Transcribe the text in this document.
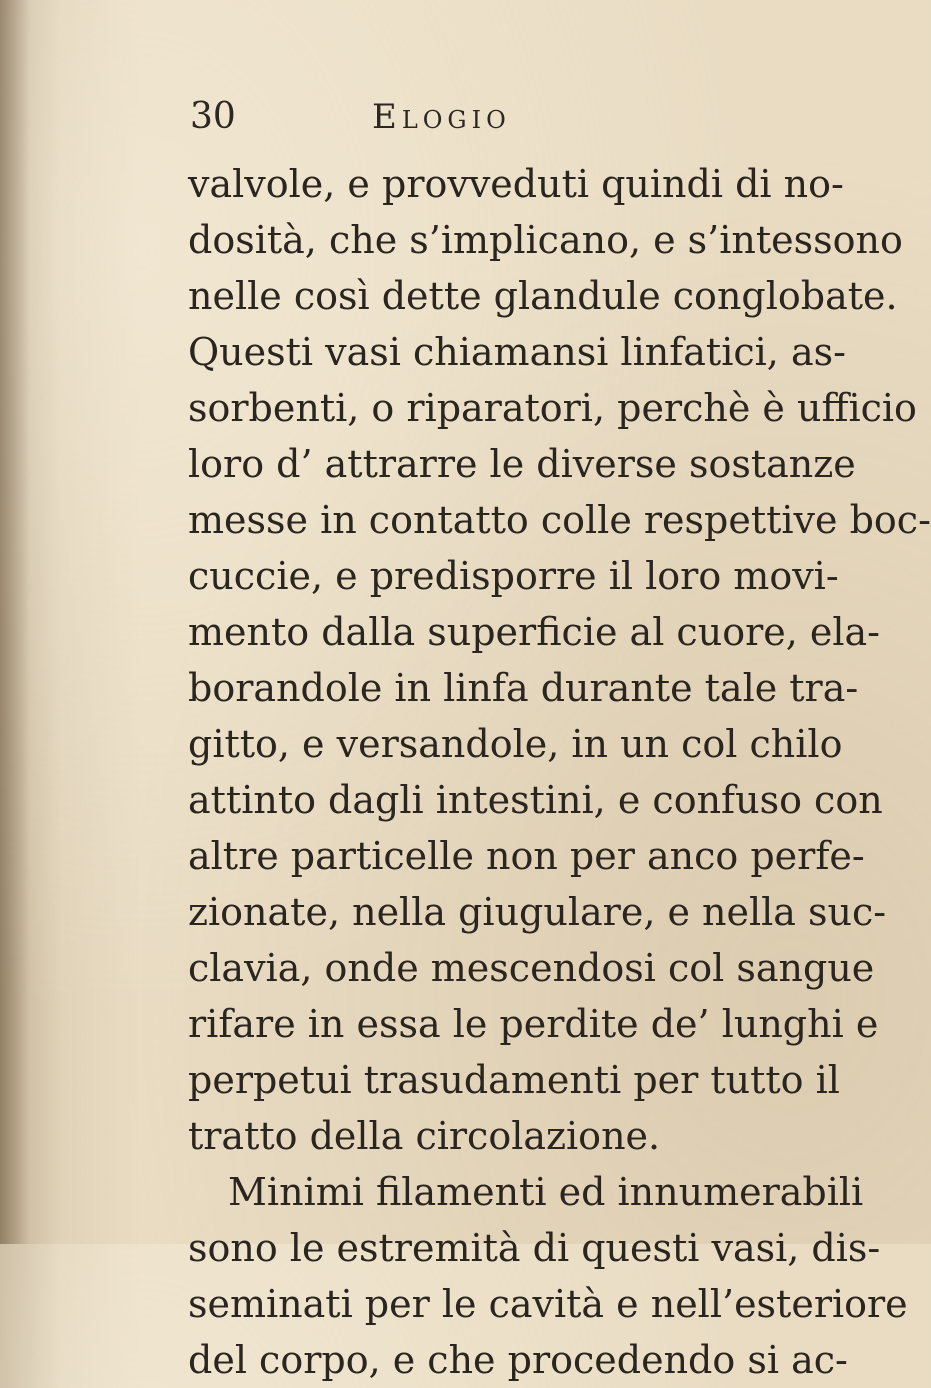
30	Elogio
valvole, e provveduti quindi di no-
dosità, che s’implicano, e s’intessono
nelle così dette glandule conglobate.
Questi vasi chiamansi linfatici, as-
sorbenti, o riparatori, perchè è ufficio
loro d’ attrarre le diverse sostanze
messe in contatto colle respettive boc-
cuccie, e predisporre il loro movi-
mento dalla superficie al cuore, ela-
borandole in linfa durante tale tra-
gitto, e versandole, in un col chilo
attinto dagli intestini, e confuso con
altre particelle non per anco perfe-
zionate, nella giugulare, e nella suc-
clavia, onde mescendosi col sangue
rifare in essa le perdite de’ lunghi e
perpetui trasudamenti per tutto il
tratto della circolazione.
Minimi filamenti ed innumerabili
sono le estremità di questi vasi, dis-
seminati per le cavità e nell’esteriore
del corpo, e che procedendo si ac-
